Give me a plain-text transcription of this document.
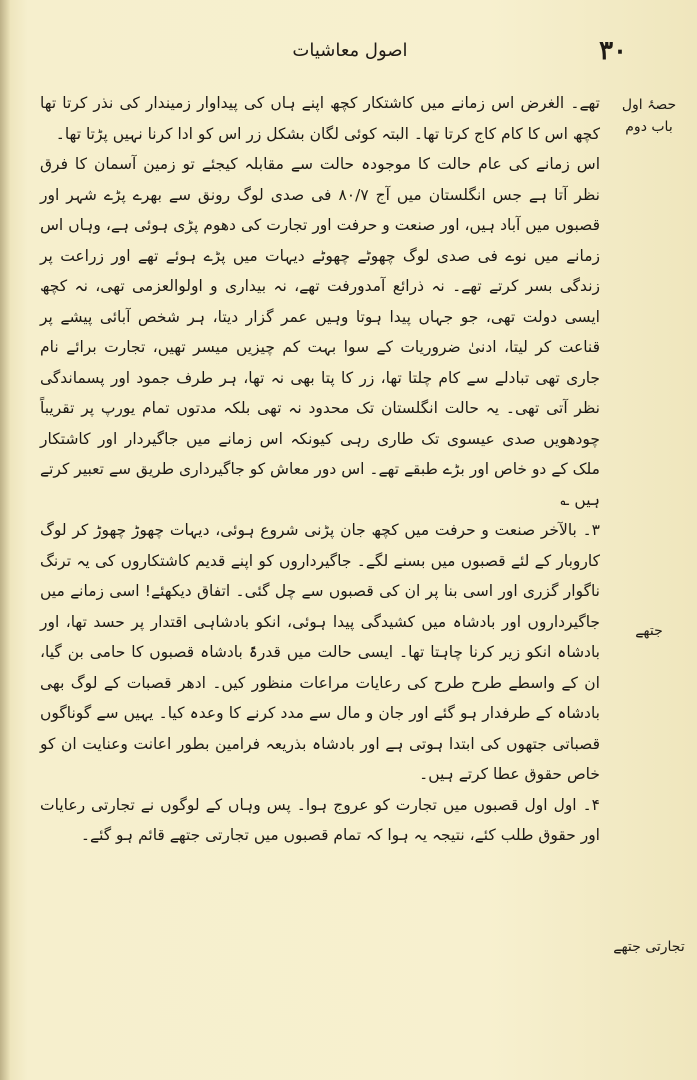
۳۰
اصول معاشیات
حصۂ اول باب دوم
جتھے
تجارتی جتھے

تھے۔ الغرض اس زمانے میں کاشتکار کچھ اپنے ہاں کی پیداوار زمیندار کی نذر کرتا تھا کچھ اس کا کام کاج کرتا تھا۔ البتہ کوئی لگان بشکل زر اس کو ادا کرنا نہیں پڑتا تھا۔

اس زمانے کی عام حالت کا موجودہ حالت سے مقابلہ کیجئے تو زمین آسمان کا فرق نظر آتا ہے جس انگلستان میں آج ۸۰/۷ فی صدی لوگ رونق سے بھرے پڑے شہر اور قصبوں میں آباد ہیں، اور صنعت و حرفت اور تجارت کی دھوم پڑی ہوئی ہے، وہاں اس زمانے میں نوے فی صدی لوگ چھوٹے چھوٹے دیہات میں پڑے ہوئے تھے اور زراعت پر زندگی بسر کرتے تھے۔ نہ ذرائع آمدورفت تھے، نہ بیداری و اولوالعزمی تھی، نہ کچھ ایسی دولت تھی، جو جہاں پیدا ہوتا وہیں عمر گزار دیتا، ہر شخص آبائی پیشے پر قناعت کر لیتا، ادنیٰ ضروریات کے سوا بہت کم چیزیں میسر تھیں، تجارت برائے نام جاری تھی تبادلے سے کام چلتا تھا، زر کا پتا بھی نہ تھا، ہر طرف جمود اور پسماندگی نظر آتی تھی۔ یہ حالت انگلستان تک محدود نہ تھی بلکہ مدتوں تمام یورپ پر تقریباً چودھویں صدی عیسوی تک طاری رہی کیونکہ اس زمانے میں جاگیردار اور کاشتکار ملک کے دو خاص اور بڑے طبقے تھے۔ اس دور معاش کو جاگیرداری طریق سے تعبیر کرتے ہیں ؎

۳۔ بالآخر صنعت و حرفت میں کچھ جان پڑنی شروع ہوئی، دیہات چھوڑ چھوڑ کر لوگ کاروبار کے لئے قصبوں میں بسنے لگے۔ جاگیرداروں کو اپنے قدیم کاشتکاروں کی یہ ترنگ ناگوار گزری اور اسی بنا پر ان کی قصبوں سے چل گئی۔ اتفاق دیکھئے! اسی زمانے میں جاگیرداروں اور بادشاہ میں کشیدگی پیدا ہوئی، انکو بادشاہی اقتدار پر حسد تھا، اور بادشاہ انکو زیر کرنا چاہتا تھا۔ ایسی حالت میں قدرۃً بادشاہ قصبوں کا حامی بن گیا، ان کے واسطے طرح طرح کی رعایات مراعات منظور کیں۔ ادھر قصبات کے لوگ بھی بادشاہ کے طرفدار ہو گئے اور جان و مال سے مدد کرنے کا وعدہ کیا۔ یہیں سے گوناگوں قصباتی جتھوں کی ابتدا ہوتی ہے اور بادشاہ بذریعہ فرامین بطور اعانت وعنایت ان کو خاص حقوق عطا کرتے ہیں۔

۴۔ اول اول قصبوں میں تجارت کو عروج ہوا۔ پس وہاں کے لوگوں نے تجارتی رعایات اور حقوق طلب کئے، نتیجہ یہ ہوا کہ تمام قصبوں میں تجارتی جتھے قائم ہو گئے۔
